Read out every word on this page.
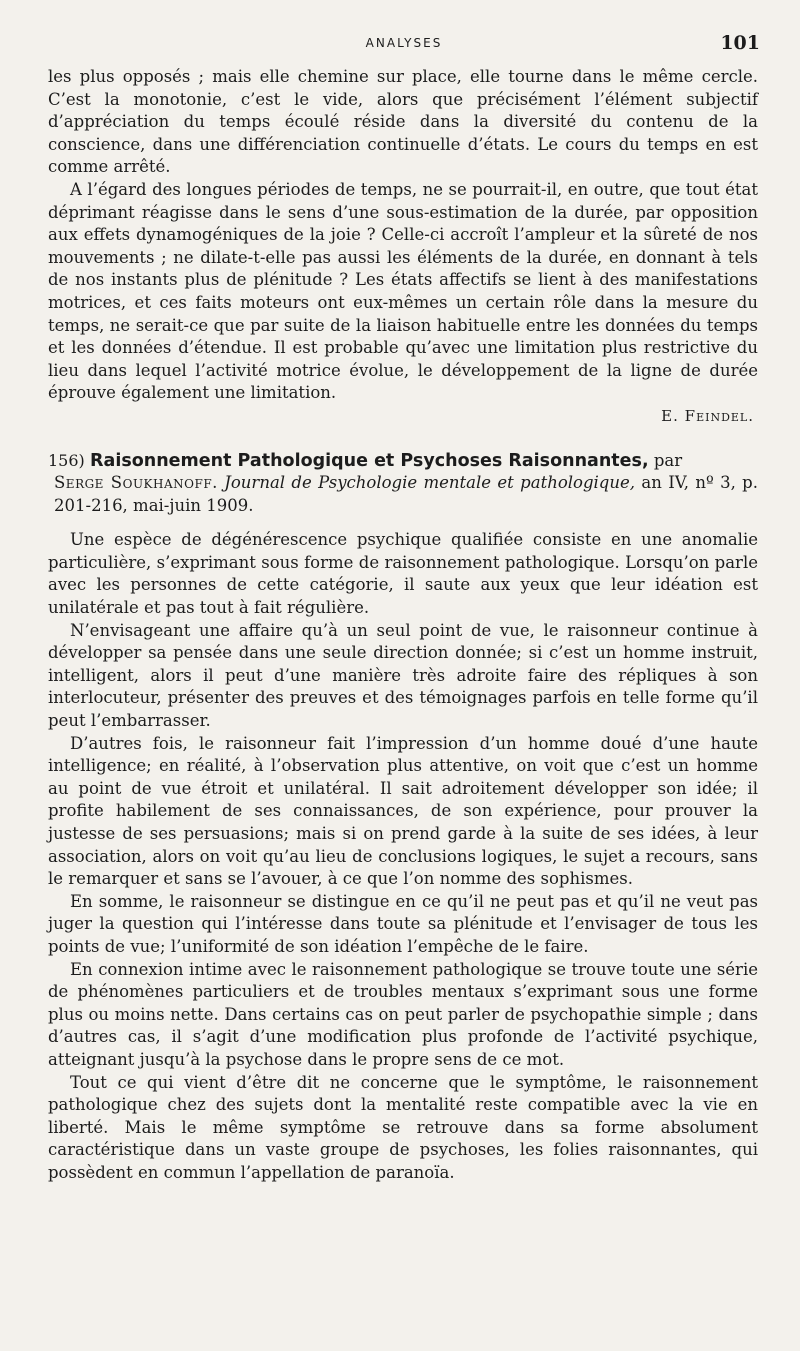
ANALYSES	101

les plus opposés ; mais elle chemine sur place, elle tourne dans le même cercle. C’est la monotonie, c’est le vide, alors que précisément l’élément subjectif d’appréciation du temps écoulé réside dans la diversité du contenu de la conscience, dans une différenciation continuelle d’états. Le cours du temps en est comme arrêté.

A l’égard des longues périodes de temps, ne se pourrait-il, en outre, que tout état déprimant réagisse dans le sens d’une sous-estimation de la durée, par opposition aux effets dynamogéniques de la joie ? Celle-ci accroît l’ampleur et la sûreté de nos mouvements ; ne dilate-t-elle pas aussi les éléments de la durée, en donnant à tels de nos instants plus de plénitude ? Les états affectifs se lient à des manifestations motrices, et ces faits moteurs ont eux-mêmes un certain rôle dans la mesure du temps, ne serait-ce que par suite de la liaison habituelle entre les données du temps et les données d’étendue. Il est probable qu’avec une limitation plus restrictive du lieu dans lequel l’activité motrice évolue, le développement de la ligne de durée éprouve également une limitation.

E. Feindel.

156) Raisonnement Pathologique et Psychoses Raisonnantes, par

Serge Soukhanoff. Journal de Psychologie mentale et pathologique, an IV, nº 3, p. 201-216, mai-juin 1909.

Une espèce de dégénérescence psychique qualifiée consiste en une anomalie particulière, s’exprimant sous forme de raisonnement pathologique. Lorsqu’on parle avec les personnes de cette catégorie, il saute aux yeux que leur idéation est unilatérale et pas tout à fait régulière.

N’envisageant une affaire qu’à un seul point de vue, le raisonneur continue à développer sa pensée dans une seule direction donnée; si c’est un homme instruit, intelligent, alors il peut d’une manière très adroite faire des répliques à son interlocuteur, présenter des preuves et des témoignages parfois en telle forme qu’il peut l’embarrasser.

D’autres fois, le raisonneur fait l’impression d’un homme doué d’une haute intelligence; en réalité, à l’observation plus attentive, on voit que c’est un homme au point de vue étroit et unilatéral. Il sait adroitement développer son idée; il profite habilement de ses connaissances, de son expérience, pour prouver la justesse de ses persuasions; mais si on prend garde à la suite de ses idées, à leur association, alors on voit qu’au lieu de conclusions logiques, le sujet a recours, sans le remarquer et sans se l’avouer, à ce que l’on nomme des sophismes.

En somme, le raisonneur se distingue en ce qu’il ne peut pas et qu’il ne veut pas juger la question qui l’intéresse dans toute sa plénitude et l’envisager de tous les points de vue; l’uniformité de son idéation l’empêche de le faire.

En connexion intime avec le raisonnement pathologique se trouve toute une série de phénomènes particuliers et de troubles mentaux s’exprimant sous une forme plus ou moins nette. Dans certains cas on peut parler de psychopathie simple ; dans d’autres cas, il s’agit d’une modification plus profonde de l’activité psychique, atteignant jusqu’à la psychose dans le propre sens de ce mot.

Tout ce qui vient d’être dit ne concerne que le symptôme, le raisonnement pathologique chez des sujets dont la mentalité reste compatible avec la vie en liberté. Mais le même symptôme se retrouve dans sa forme absolument caractéristique dans un vaste groupe de psychoses, les folies raisonnantes, qui possèdent en commun l’appellation de paranoïa.
